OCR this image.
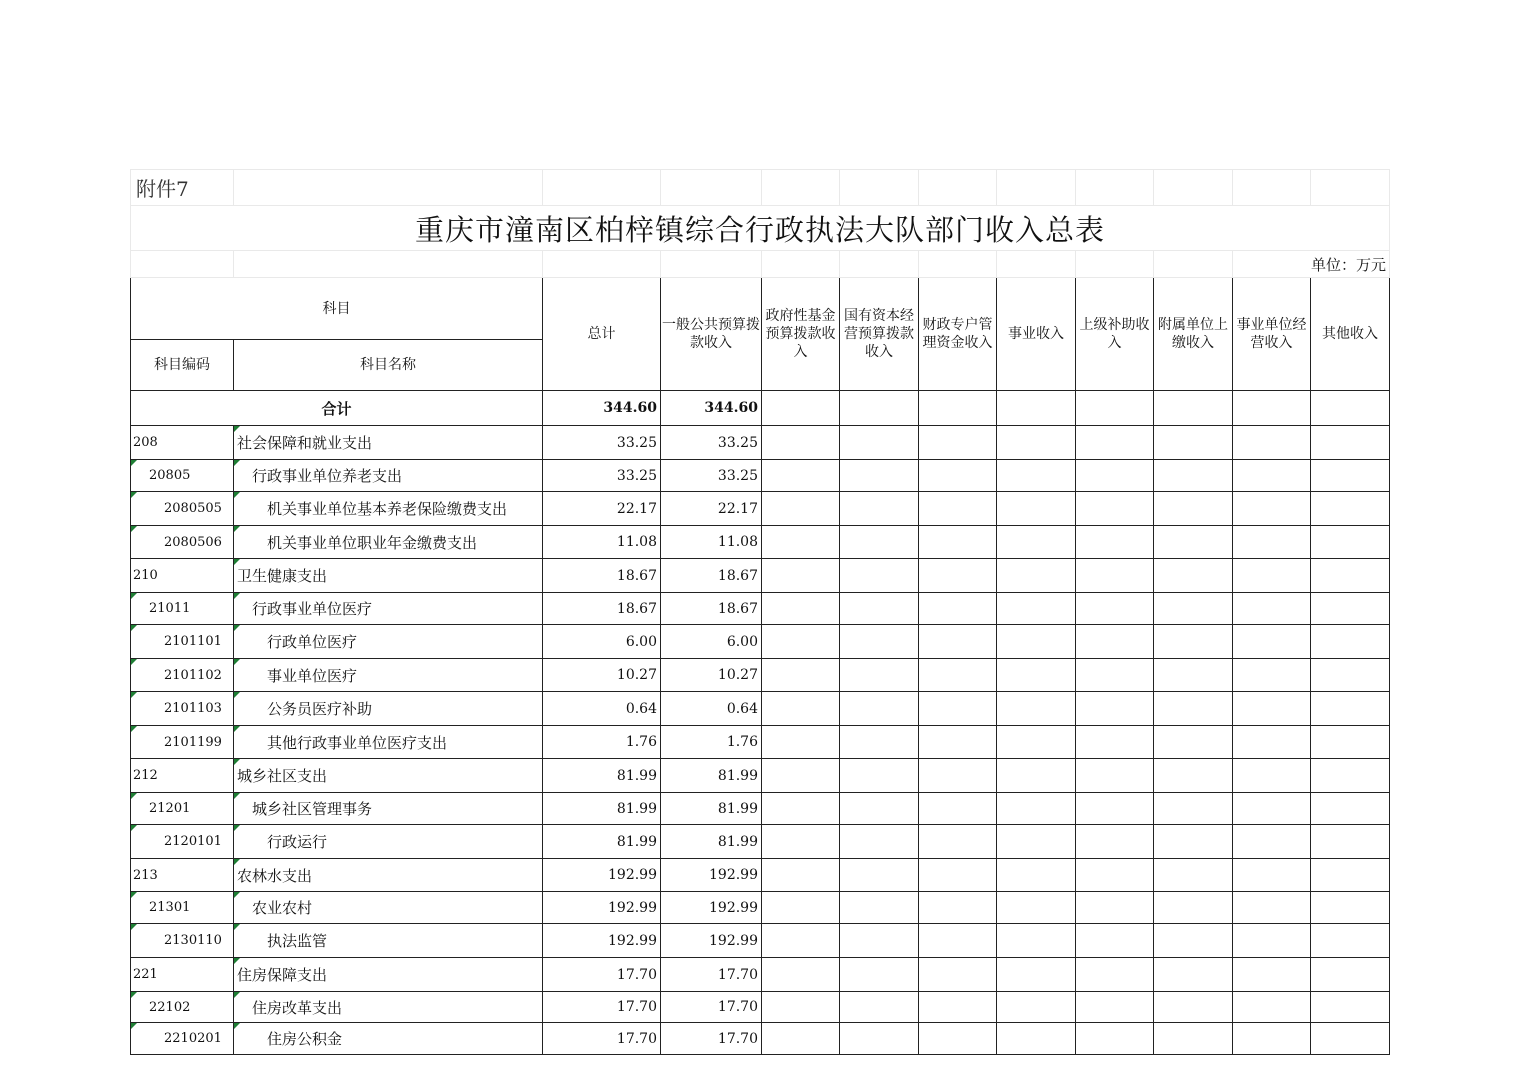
附件7											
重庆市潼南区柏梓镇综合行政执法大队部门收入总表											
										单位：万元	
科目		总计	一般公共预算拨款收入	政府性基金预算拨款收入	国有资本经营预算拨款收入	财政专户管理资金收入	事业收入	上级补助收入	附属单位上缴收入	事业单位经营收入	其他收入
科目编码	科目名称										
合计		344.60	344.60								
208	社会保障和就业支出	33.25	33.25								
20805	行政事业单位养老支出	33.25	33.25								
2080505	机关事业单位基本养老保险缴费支出	22.17	22.17								
2080506	机关事业单位职业年金缴费支出	11.08	11.08								
210	卫生健康支出	18.67	18.67								
21011	行政事业单位医疗	18.67	18.67								
2101101	行政单位医疗	6.00	6.00								
2101102	事业单位医疗	10.27	10.27								
2101103	公务员医疗补助	0.64	0.64								
2101199	其他行政事业单位医疗支出	1.76	1.76								
212	城乡社区支出	81.99	81.99								
21201	城乡社区管理事务	81.99	81.99								
2120101	行政运行	81.99	81.99								
213	农林水支出	192.99	192.99								
21301	农业农村	192.99	192.99								
2130110	执法监管	192.99	192.99								
221	住房保障支出	17.70	17.70								
22102	住房改革支出	17.70	17.70								
2210201	住房公积金	17.70	17.70								
